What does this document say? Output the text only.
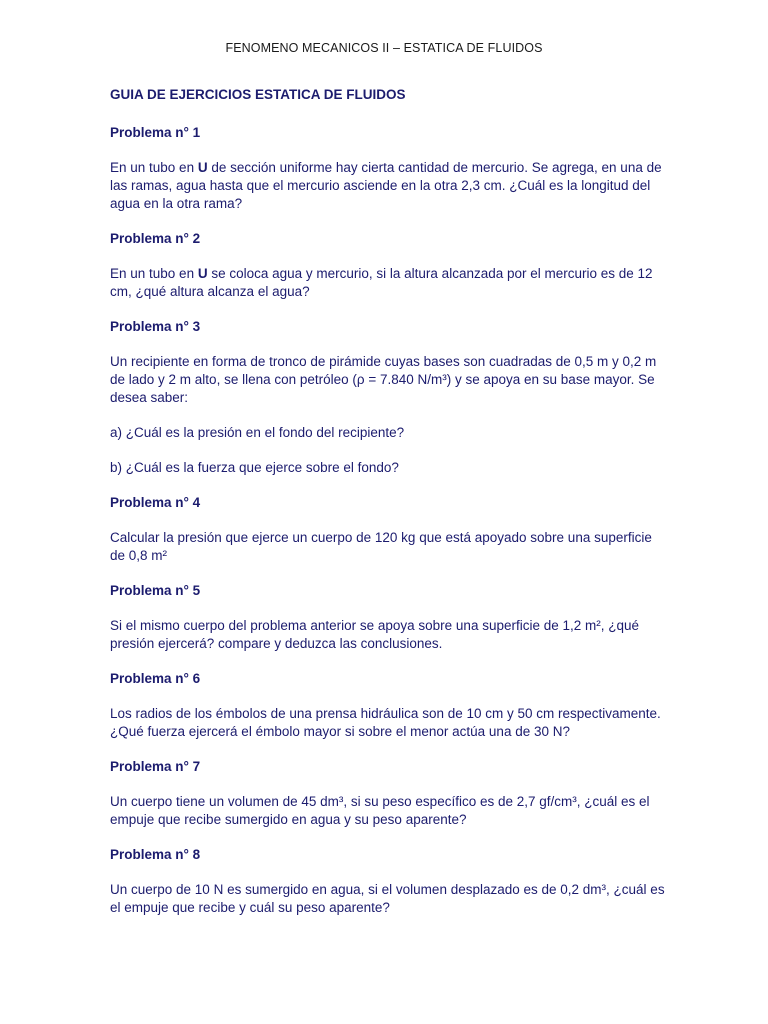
FENOMENO MECANICOS II – ESTATICA DE FLUIDOS
GUIA DE EJERCICIOS ESTATICA DE FLUIDOS
Problema n° 1
En un tubo en U de sección uniforme hay cierta cantidad de mercurio. Se agrega, en una de las ramas, agua hasta que el mercurio asciende en la otra 2,3 cm. ¿Cuál es la longitud del agua en la otra rama?
Problema n° 2
En un tubo en U se coloca agua y mercurio, si la altura alcanzada por el mercurio es de 12 cm, ¿qué altura alcanza el agua?
Problema n° 3
Un recipiente en forma de tronco de pirámide cuyas bases son cuadradas de 0,5 m y 0,2 m de lado y 2 m alto, se llena con petróleo (ρ = 7.840 N/m³) y se apoya en su base mayor. Se desea saber:
a) ¿Cuál es la presión en el fondo del recipiente?
b) ¿Cuál es la fuerza que ejerce sobre el fondo?
Problema n° 4
Calcular la presión que ejerce un cuerpo de 120 kg que está apoyado sobre una superficie de 0,8 m²
Problema n° 5
Si el mismo cuerpo del problema anterior se apoya sobre una superficie de 1,2 m², ¿qué presión ejercerá? compare y deduzca las conclusiones.
Problema n° 6
Los radios de los émbolos de una prensa hidráulica son de 10 cm y 50 cm respectivamente. ¿Qué fuerza ejercerá el émbolo mayor si sobre el menor actúa una de 30 N?
Problema n° 7
Un cuerpo tiene un volumen de 45 dm³, si su peso específico es de 2,7 gf/cm³, ¿cuál es el empuje que recibe sumergido en agua y su peso aparente?
Problema n° 8
Un cuerpo de 10 N es sumergido en agua, si el volumen desplazado es de 0,2 dm³, ¿cuál es el empuje que recibe y cuál su peso aparente?
